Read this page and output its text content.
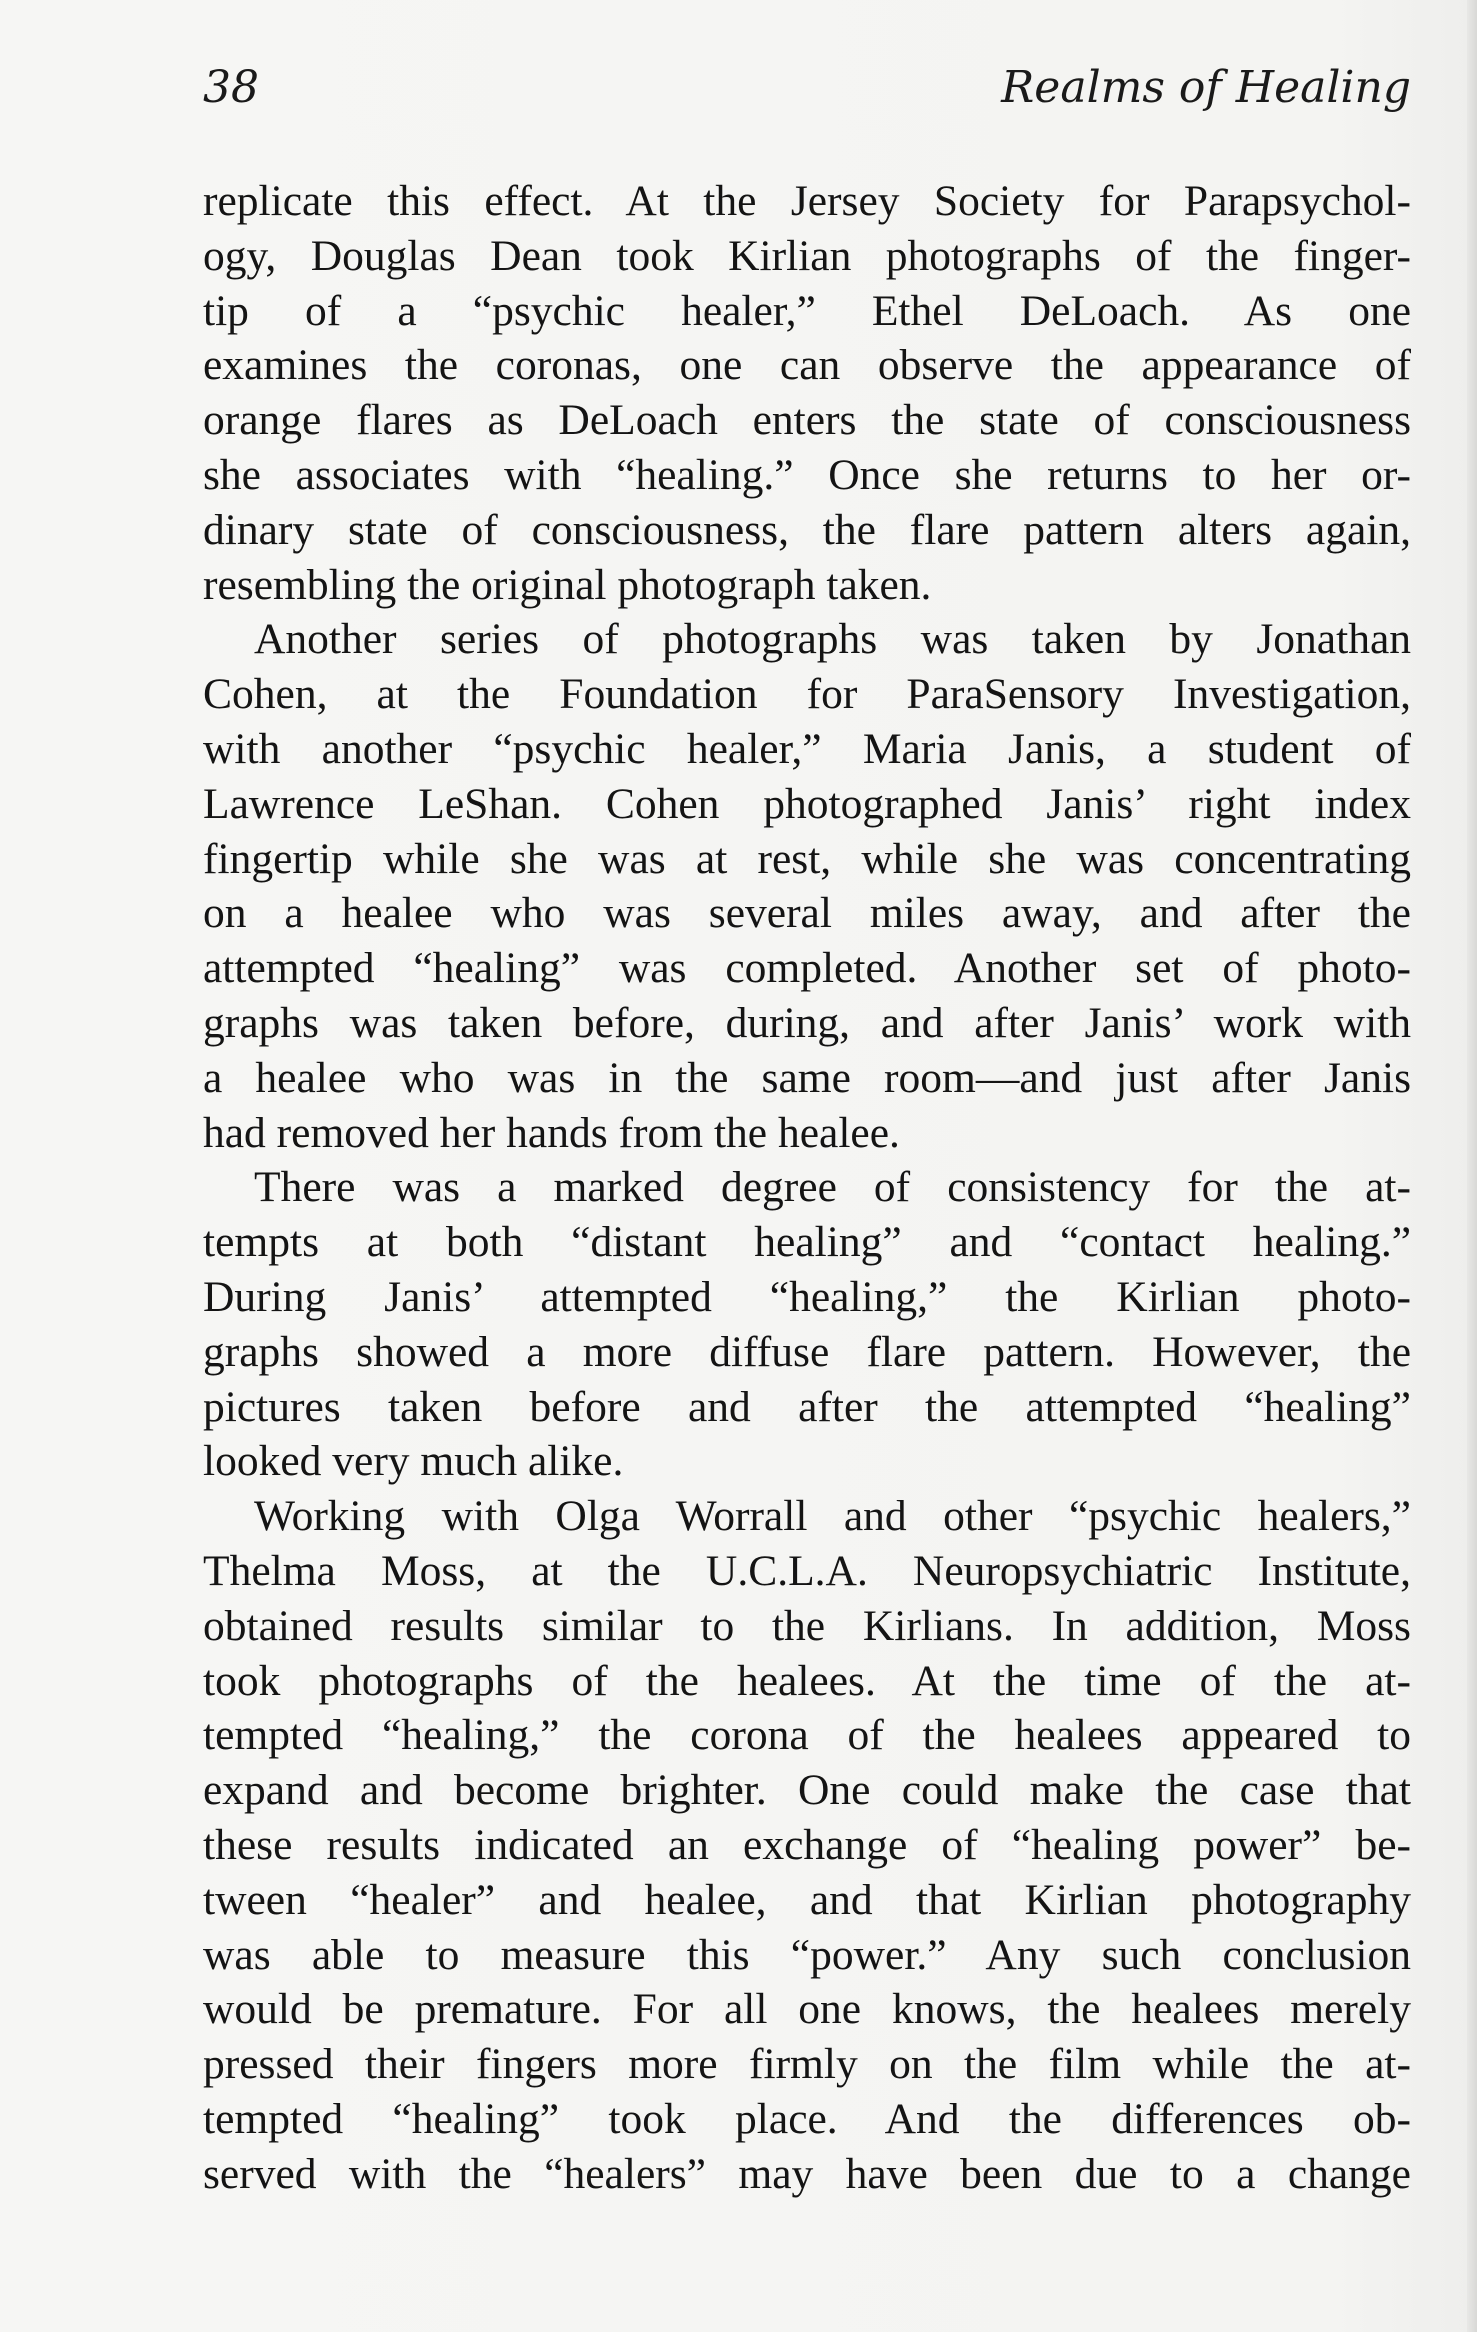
38	Realms of Healing
replicate this effect. At the Jersey Society for Parapsychol-
ogy, Douglas Dean took Kirlian photographs of the finger-
tip of a “psychic healer,” Ethel DeLoach. As one
examines the coronas, one can observe the appearance of
orange flares as DeLoach enters the state of consciousness
she associates with “healing.” Once she returns to her or-
dinary state of consciousness, the flare pattern alters again,
resembling the original photograph taken.
Another series of photographs was taken by Jonathan
Cohen, at the Foundation for ParaSensory Investigation,
with another “psychic healer,” Maria Janis, a student of
Lawrence LeShan. Cohen photographed Janis’ right index
fingertip while she was at rest, while she was concentrating
on a healee who was several miles away, and after the
attempted “healing” was completed. Another set of photo-
graphs was taken before, during, and after Janis’ work with
a healee who was in the same room—and just after Janis
had removed her hands from the healee.
There was a marked degree of consistency for the at-
tempts at both “distant healing” and “contact healing.”
During Janis’ attempted “healing,” the Kirlian photo-
graphs showed a more diffuse flare pattern. However, the
pictures taken before and after the attempted “healing”
looked very much alike.
Working with Olga Worrall and other “psychic healers,”
Thelma Moss, at the U.C.L.A. Neuropsychiatric Institute,
obtained results similar to the Kirlians. In addition, Moss
took photographs of the healees. At the time of the at-
tempted “healing,” the corona of the healees appeared to
expand and become brighter. One could make the case that
these results indicated an exchange of “healing power” be-
tween “healer” and healee, and that Kirlian photography
was able to measure this “power.” Any such conclusion
would be premature. For all one knows, the healees merely
pressed their fingers more firmly on the film while the at-
tempted “healing” took place. And the differences ob-
served with the “healers” may have been due to a change
